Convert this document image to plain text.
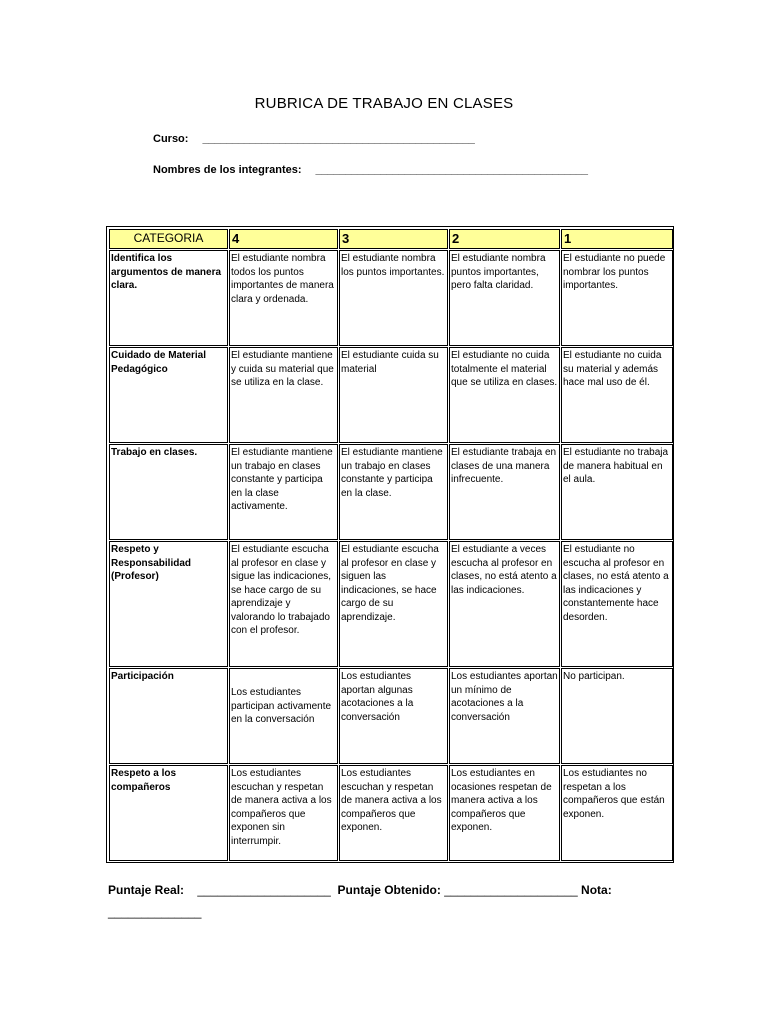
RUBRICA DE TRABAJO EN CLASES
Curso: ______________________________________________
Nombres de los integrantes: ______________________________________________
CATEGORIA	4	3	2	1
Identifica los argumentos de manera clara.	El estudiante nombra todos los puntos importantes de manera clara y ordenada.	El estudiante nombra los puntos importantes.	El estudiante nombra puntos importantes, pero falta claridad.	El estudiante no puede nombrar los puntos importantes.
Cuidado de Material Pedagógico	El estudiante mantiene y cuida su material que se utiliza en la clase.	El estudiante cuida su material	El estudiante no cuida totalmente el material que se utiliza en clases.	El estudiante no cuida su material y además hace mal uso de él.
Trabajo en clases.	El estudiante mantiene un trabajo en clases constante y participa en la clase activamente.	El estudiante mantiene un trabajo en clases constante y participa en la clase.	El estudiante trabaja en clases de una manera infrecuente.	El estudiante no trabaja de manera habitual en el aula.
Respeto y Responsabilidad (Profesor)	El estudiante escucha al profesor en clase y sigue las indicaciones, se hace cargo de su aprendizaje y valorando lo trabajado con el profesor.	El estudiante escucha al profesor en clase y siguen las indicaciones, se hace cargo de su aprendizaje.	El estudiante a veces escucha al profesor en clases, no está atento a las indicaciones.	El estudiante no escucha al profesor en clases, no está atento a las indicaciones y constantemente hace desorden.
Participación	Los estudiantes participan activamente en la conversación	Los estudiantes aportan algunas acotaciones a la conversación	Los estudiantes aportan un mínimo de acotaciones a la conversación	No participan.
Respeto a los compañeros	Los estudiantes escuchan y respetan de manera activa a los compañeros que exponen sin interrumpir.	Los estudiantes escuchan y respetan de manera activa a los compañeros que exponen.	Los estudiantes en ocasiones respetan de manera activa a los compañeros que exponen.	Los estudiantes no respetan a los compañeros que están exponen.
Puntaje Real: ____________________ Puntaje Obtenido: ____________________ Nota:
______________
